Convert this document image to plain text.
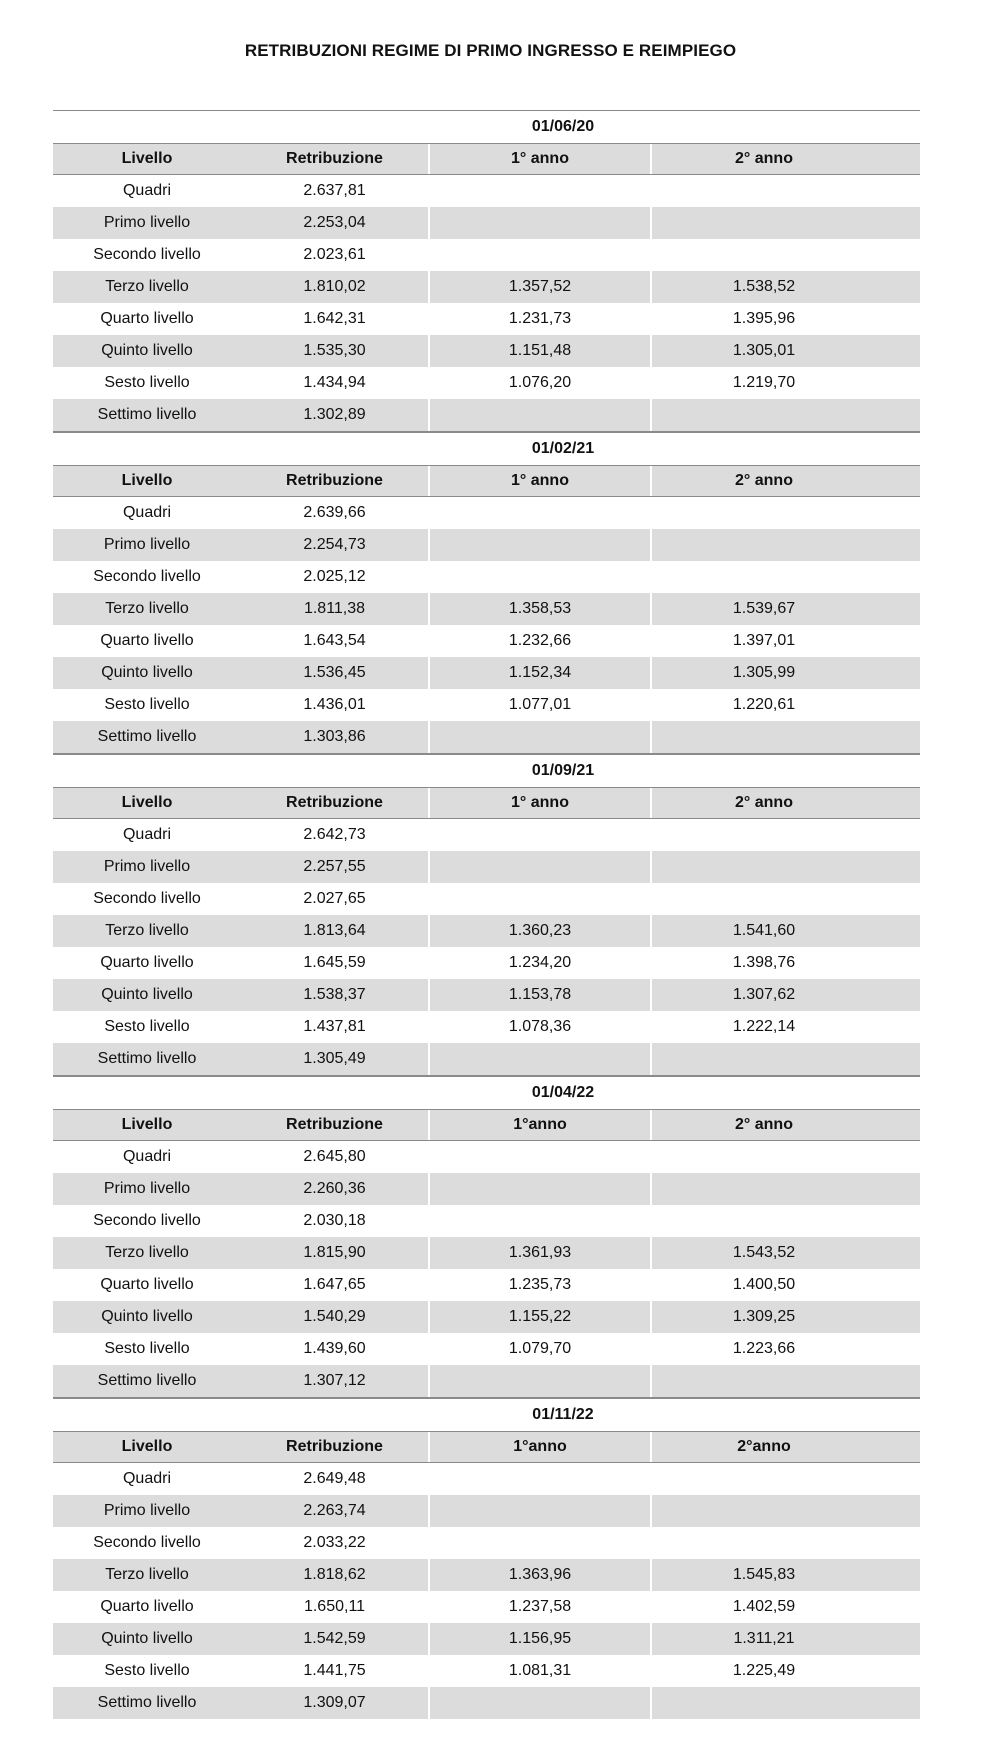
RETRIBUZIONI REGIME DI PRIMO INGRESSO E REIMPIEGO
01/06/20
Livello	Retribuzione	1° anno	2° anno
Quadri	2.637,81
Primo livello	2.253,04
Secondo livello	2.023,61
Terzo livello	1.810,02	1.357,52	1.538,52
Quarto livello	1.642,31	1.231,73	1.395,96
Quinto livello	1.535,30	1.151,48	1.305,01
Sesto livello	1.434,94	1.076,20	1.219,70
Settimo livello	1.302,89
01/02/21
Livello	Retribuzione	1° anno	2° anno
Quadri	2.639,66
Primo livello	2.254,73
Secondo livello	2.025,12
Terzo livello	1.811,38	1.358,53	1.539,67
Quarto livello	1.643,54	1.232,66	1.397,01
Quinto livello	1.536,45	1.152,34	1.305,99
Sesto livello	1.436,01	1.077,01	1.220,61
Settimo livello	1.303,86
01/09/21
Livello	Retribuzione	1° anno	2° anno
Quadri	2.642,73
Primo livello	2.257,55
Secondo livello	2.027,65
Terzo livello	1.813,64	1.360,23	1.541,60
Quarto livello	1.645,59	1.234,20	1.398,76
Quinto livello	1.538,37	1.153,78	1.307,62
Sesto livello	1.437,81	1.078,36	1.222,14
Settimo livello	1.305,49
01/04/22
Livello	Retribuzione	1°anno	2° anno
Quadri	2.645,80
Primo livello	2.260,36
Secondo livello	2.030,18
Terzo livello	1.815,90	1.361,93	1.543,52
Quarto livello	1.647,65	1.235,73	1.400,50
Quinto livello	1.540,29	1.155,22	1.309,25
Sesto livello	1.439,60	1.079,70	1.223,66
Settimo livello	1.307,12
01/11/22
Livello	Retribuzione	1°anno	2°anno
Quadri	2.649,48
Primo livello	2.263,74
Secondo livello	2.033,22
Terzo livello	1.818,62	1.363,96	1.545,83
Quarto livello	1.650,11	1.237,58	1.402,59
Quinto livello	1.542,59	1.156,95	1.311,21
Sesto livello	1.441,75	1.081,31	1.225,49
Settimo livello	1.309,07
